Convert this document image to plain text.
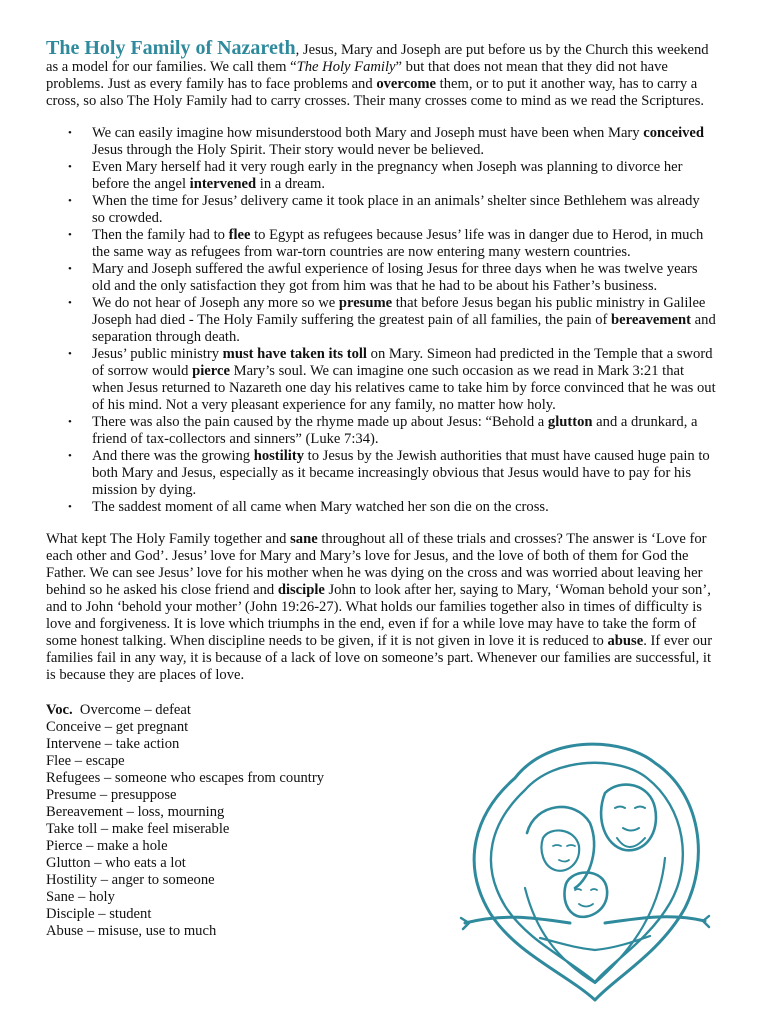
The Holy Family of Nazareth, Jesus, Mary and Joseph are put before us by the Church this weekend as a model for our families. We call them “The Holy Family” but that does not mean that they did not have problems. Just as every family has to face problems and overcome them, or to put it another way, has to carry a cross, so also The Holy Family had to carry crosses. Their many crosses come to mind as we read the Scriptures.

• We can easily imagine how misunderstood both Mary and Joseph must have been when Mary conceived Jesus through the Holy Spirit. Their story would never be believed.
• Even Mary herself had it very rough early in the pregnancy when Joseph was planning to divorce her before the angel intervened in a dream.
• When the time for Jesus’ delivery came it took place in an animals’ shelter since Bethlehem was already so crowded.
• Then the family had to flee to Egypt as refugees because Jesus’ life was in danger due to Herod, in much the same way as refugees from war-torn countries are now entering many western countries.
• Mary and Joseph suffered the awful experience of losing Jesus for three days when he was twelve years old and the only satisfaction they got from him was that he had to be about his Father’s business.
• We do not hear of Joseph any more so we presume that before Jesus began his public ministry in Galilee Joseph had died - The Holy Family suffering the greatest pain of all families, the pain of bereavement and separation through death.
• Jesus’ public ministry must have taken its toll on Mary. Simeon had predicted in the Temple that a sword of sorrow would pierce Mary’s soul. We can imagine one such occasion as we read in Mark 3:21 that when Jesus returned to Nazareth one day his relatives came to take him by force convinced that he was out of his mind. Not a very pleasant experience for any family, no matter how holy.
• There was also the pain caused by the rhyme made up about Jesus: “Behold a glutton and a drunkard, a friend of tax-collectors and sinners” (Luke 7:34).
• And there was the growing hostility to Jesus by the Jewish authorities that must have caused huge pain to both Mary and Jesus, especially as it became increasingly obvious that Jesus would have to pay for his mission by dying.
• The saddest moment of all came when Mary watched her son die on the cross.

What kept The Holy Family together and sane throughout all of these trials and crosses? The answer is ‘Love for each other and God’. Jesus’ love for Mary and Mary’s love for Jesus, and the love of both of them for God the Father. We can see Jesus’ love for his mother when he was dying on the cross and was worried about leaving her behind so he asked his close friend and disciple John to look after her, saying to Mary, ‘Woman behold your son’, and to John ‘behold your mother’ (John 19:26-27). What holds our families together also in times of difficulty is love and forgiveness. It is love which triumphs in the end, even if for a while love may have to take the form of some honest talking. When discipline needs to be given, if it is not given in love it is reduced to abuse. If ever our families fail in any way, it is because of a lack of love on someone’s part. Whenever our families are successful, it is because they are places of love.

Voc. Overcome – defeat
Conceive – get pregnant
Intervene – take action
Flee – escape
Refugees – someone who escapes from country
Presume – presuppose
Bereavement – loss, mourning
Take toll – make feel miserable
Pierce – make a hole
Glutton – who eats a lot
Hostility – anger to someone
Sane – holy
Disciple – student
Abuse – misuse, use to much
